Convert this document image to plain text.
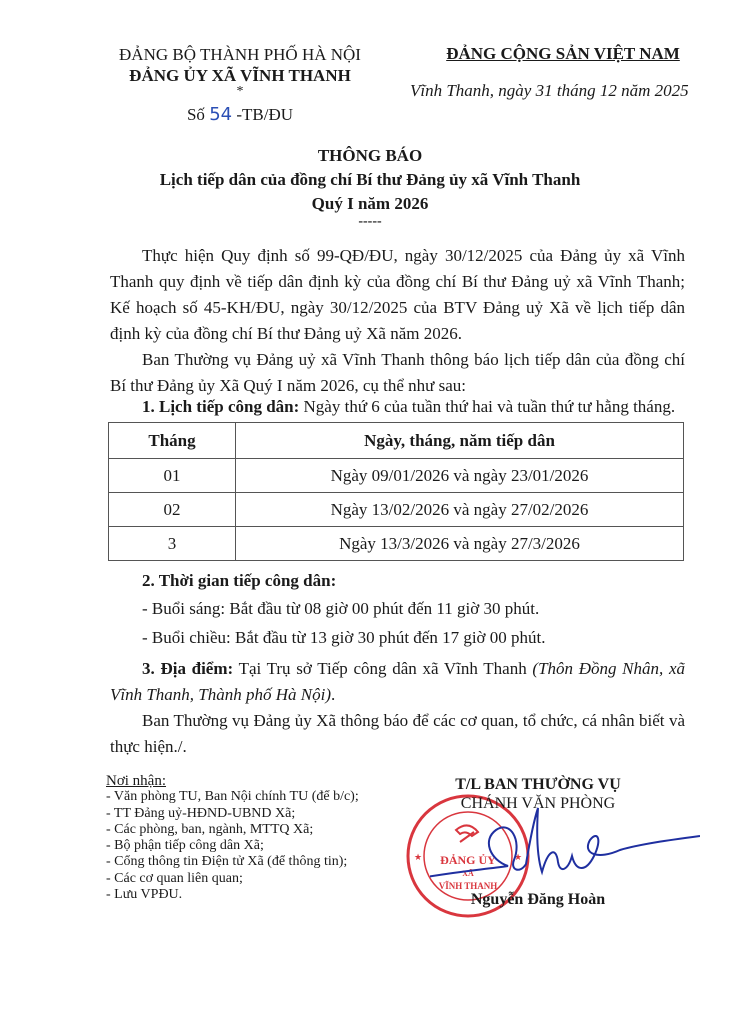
ĐẢNG BỘ THÀNH PHỐ HÀ NỘI
ĐẢNG ỦY XÃ VĨNH THANH
*
Số 54 -TB/ĐU
ĐẢNG CỘNG SẢN VIỆT NAM
Vĩnh Thanh, ngày 31 tháng 12 năm 2025
THÔNG BÁO
Lịch tiếp dân của đồng chí Bí thư Đảng ủy xã Vĩnh Thanh
Quý I năm 2026
-----
Thực hiện Quy định số 99-QĐ/ĐU, ngày 30/12/2025 của Đảng ủy xã Vĩnh Thanh quy định về tiếp dân định kỳ của đồng chí Bí thư Đảng uỷ xã Vĩnh Thanh; Kế hoạch số 45-KH/ĐU, ngày 30/12/2025 của BTV Đảng uỷ Xã về lịch tiếp dân định kỳ của đồng chí Bí thư Đảng uỷ Xã năm 2026.
Ban Thường vụ Đảng uỷ xã Vĩnh Thanh thông báo lịch tiếp dân của đồng chí Bí thư Đảng ủy Xã Quý I năm 2026, cụ thể như sau:
1. Lịch tiếp công dân: Ngày thứ 6 của tuần thứ hai và tuần thứ tư hằng tháng.
Tháng	Ngày, tháng, năm tiếp dân
01	Ngày 09/01/2026 và ngày 23/01/2026
02	Ngày 13/02/2026 và ngày 27/02/2026
3	Ngày 13/3/2026 và ngày 27/3/2026
2. Thời gian tiếp công dân:
- Buổi sáng: Bắt đầu từ 08 giờ 00 phút đến 11 giờ 30 phút.
- Buổi chiều: Bắt đầu từ 13 giờ 30 phút đến 17 giờ 00 phút.
3. Địa điểm: Tại Trụ sở Tiếp công dân xã Vĩnh Thanh (Thôn Đồng Nhân, xã Vĩnh Thanh, Thành phố Hà Nội).
Ban Thường vụ Đảng ủy Xã thông báo để các cơ quan, tổ chức, cá nhân biết và thực hiện./.
Nơi nhận:
- Văn phòng TU, Ban Nội chính TU (để b/c);
- TT Đảng uỷ-HĐND-UBND Xã;
- Các phòng, ban, ngành, MTTQ Xã;
- Bộ phận tiếp công dân Xã;
- Cổng thông tin Điện tử Xã (để thông tin);
- Các cơ quan liên quan;
- Lưu VPĐU.
★	★
ĐẢNG ỦY
XÃ
VĨNH THANH
T/L BAN THƯỜNG VỤ
CHÁNH VĂN PHÒNG
Nguyễn Đăng Hoàn
